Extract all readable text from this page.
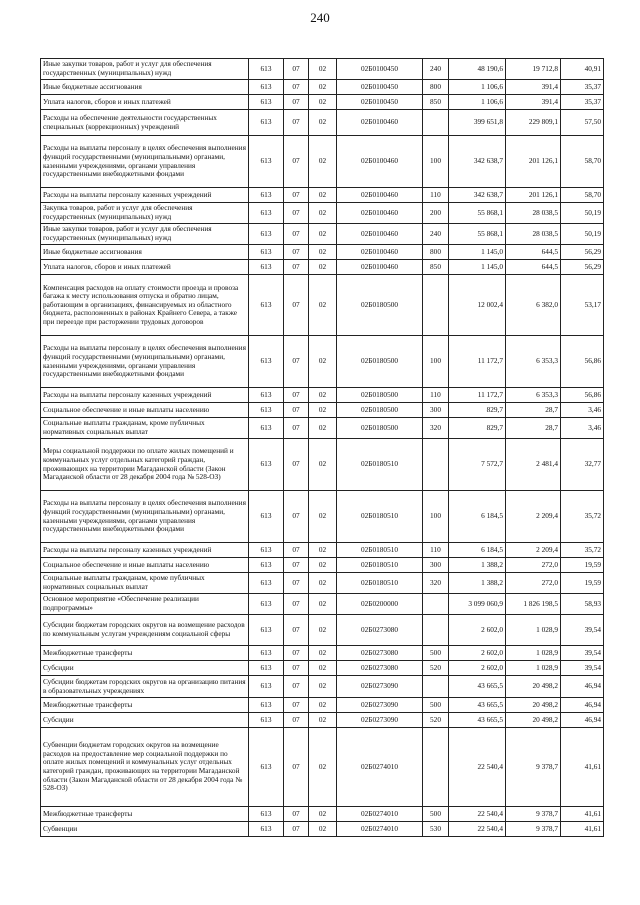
240
Иные закупки товаров, работ и услуг для обеспечения государственных (муниципальных) нужд	613	07	02	02Б0100450	240	48 190,6	19 712,8	40,91
Иные бюджетные ассигнования	613	07	02	02Б0100450	800	1 106,6	391,4	35,37
Уплата налогов, сборов и иных платежей	613	07	02	02Б0100450	850	1 106,6	391,4	35,37
Расходы на обеспечение деятельности государственных специальных (коррекционных) учреждений	613	07	02	02Б0100460		399 651,8	229 809,1	57,50
Расходы на выплаты персоналу в целях обеспечения выполнения функций государственными (муниципальными) органами, казенными учреждениями, органами управления государственными внебюджетными фондами	613	07	02	02Б0100460	100	342 638,7	201 126,1	58,70
Расходы на выплаты персоналу казенных учреждений	613	07	02	02Б0100460	110	342 638,7	201 126,1	58,70
Закупка товаров, работ и услуг для обеспечения государственных (муниципальных) нужд	613	07	02	02Б0100460	200	55 868,1	28 038,5	50,19
Иные закупки товаров, работ и услуг для обеспечения государственных (муниципальных) нужд	613	07	02	02Б0100460	240	55 868,1	28 038,5	50,19
Иные бюджетные ассигнования	613	07	02	02Б0100460	800	1 145,0	644,5	56,29
Уплата налогов, сборов и иных платежей	613	07	02	02Б0100460	850	1 145,0	644,5	56,29
Компенсация расходов на оплату стоимости проезда и провоза багажа к месту использования отпуска и обратно лицам, работающим в организациях, финансируемых из областного бюджета, расположенных в районах Крайнего Севера, а также при переезде при расторжении трудовых договоров	613	07	02	02Б0180500		12 002,4	6 382,0	53,17
Расходы на выплаты персоналу в целях обеспечения выполнения функций государственными (муниципальными) органами, казенными учреждениями, органами управления государственными внебюджетными фондами	613	07	02	02Б0180500	100	11 172,7	6 353,3	56,86
Расходы на выплаты персоналу казенных учреждений	613	07	02	02Б0180500	110	11 172,7	6 353,3	56,86
Социальное обеспечение и иные выплаты населению	613	07	02	02Б0180500	300	829,7	28,7	3,46
Социальные выплаты гражданам, кроме публичных нормативных социальных выплат	613	07	02	02Б0180500	320	829,7	28,7	3,46
Меры социальной поддержки по оплате жилых помещений и коммунальных услуг отдельных категорий граждан, проживающих на территории Магаданской области (Закон Магаданской области от 28 декабря 2004 года № 528-ОЗ)	613	07	02	02Б0180510		7 572,7	2 481,4	32,77
Расходы на выплаты персоналу в целях обеспечения выполнения функций государственными (муниципальными) органами, казенными учреждениями, органами управления государственными внебюджетными фондами	613	07	02	02Б0180510	100	6 184,5	2 209,4	35,72
Расходы на выплаты персоналу казенных учреждений	613	07	02	02Б0180510	110	6 184,5	2 209,4	35,72
Социальное обеспечение и иные выплаты населению	613	07	02	02Б0180510	300	1 388,2	272,0	19,59
Социальные выплаты гражданам, кроме публичных нормативных социальных выплат	613	07	02	02Б0180510	320	1 388,2	272,0	19,59
Основное мероприятие «Обеспечение реализации подпрограммы»	613	07	02	02Б0200000		3 099 060,9	1 826 198,5	58,93
Субсидии бюджетам городских округов на возмещение расходов по коммунальным услугам учреждениям социальной сферы	613	07	02	02Б0273080		2 602,0	1 028,9	39,54
Межбюджетные трансферты	613	07	02	02Б0273080	500	2 602,0	1 028,9	39,54
Субсидии	613	07	02	02Б0273080	520	2 602,0	1 028,9	39,54
Субсидии бюджетам городских округов на организацию питания в образовательных учреждениях	613	07	02	02Б0273090		43 665,5	20 498,2	46,94
Межбюджетные трансферты	613	07	02	02Б0273090	500	43 665,5	20 498,2	46,94
Субсидии	613	07	02	02Б0273090	520	43 665,5	20 498,2	46,94
Субвенции бюджетам городских округов на возмещение расходов на предоставление мер социальной поддержки по оплате жилых помещений и коммунальных услуг отдельных категорий граждан, проживающих на территории Магаданской области (Закон Магаданской области от 28 декабря 2004 года № 528-ОЗ)	613	07	02	02Б0274010		22 540,4	9 378,7	41,61
Межбюджетные трансферты	613	07	02	02Б0274010	500	22 540,4	9 378,7	41,61
Субвенции	613	07	02	02Б0274010	530	22 540,4	9 378,7	41,61
